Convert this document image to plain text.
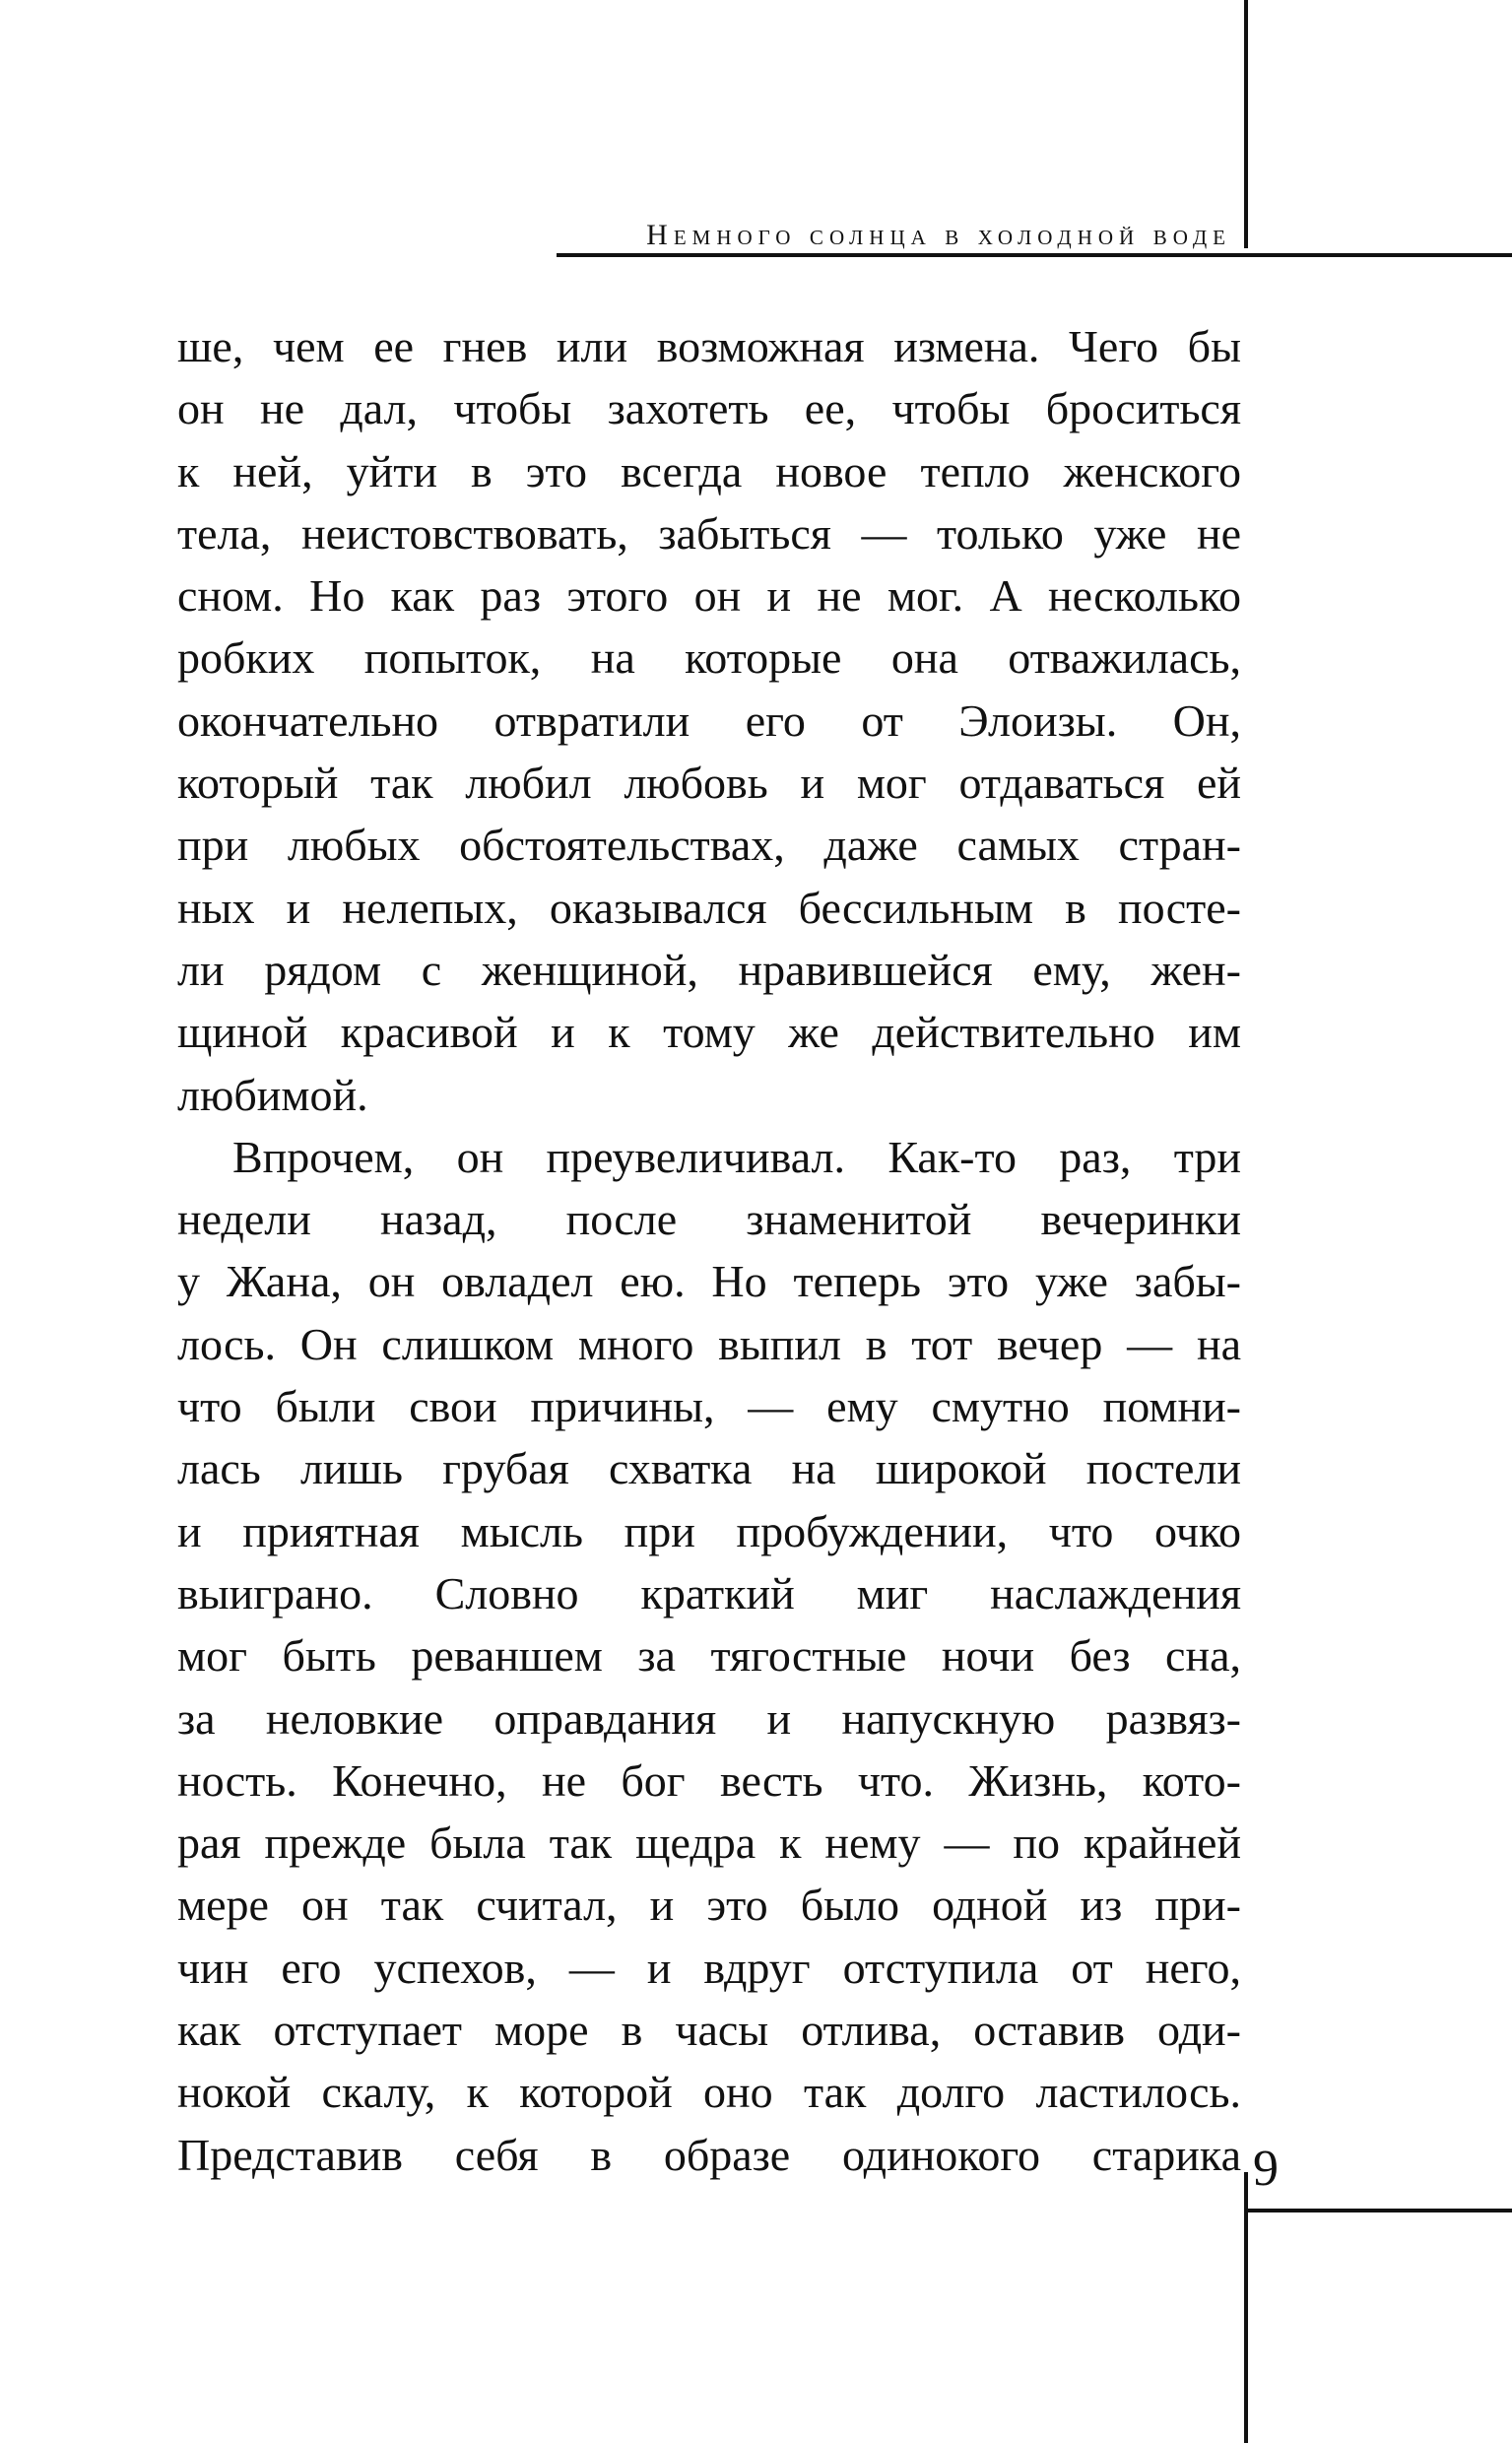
Немного солнца в холодной воде

ше, чем ее гнев или возможная измена. Чего бы
он не дал, чтобы захотеть ее, чтобы броситься
к ней, уйти в это всегда новое тепло женского
тела, неистовствовать, забыться — только уже не
сном. Но как раз этого он и не мог. А несколько
робких попыток, на которые она отважилась,
окончательно отвратили его от Элоизы. Он,
который так любил любовь и мог отдаваться ей
при любых обстоятельствах, даже самых стран-
ных и нелепых, оказывался бессильным в посте-
ли рядом с женщиной, нравившейся ему, жен-
щиной красивой и к тому же действительно им
любимой.

Впрочем, он преувеличивал. Как-то раз, три
недели назад, после знаменитой вечеринки
у Жана, он овладел ею. Но теперь это уже забы-
лось. Он слишком много выпил в тот вечер — на
что были свои причины, — ему смутно помни-
лась лишь грубая схватка на широкой постели
и приятная мысль при пробуждении, что очко
выиграно. Словно краткий миг наслаждения
мог быть реваншем за тягостные ночи без сна,
за неловкие оправдания и напускную развяз-
ность. Конечно, не бог весть что. Жизнь, кото-
рая прежде была так щедра к нему — по крайней
мере он так считал, и это было одной из при-
чин его успехов, — и вдруг отступила от него,
как отступает море в часы отлива, оставив оди-
нокой скалу, к которой оно так долго ластилось.
Представив себя в образе одинокого старика 9
